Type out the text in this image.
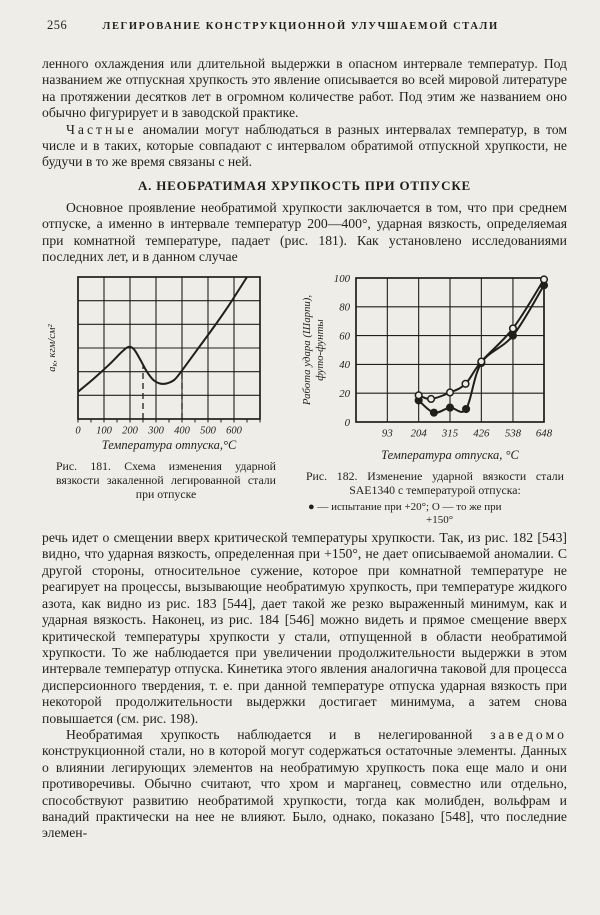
256	ЛЕГИРОВАНИЕ КОНСТРУКЦИОННОЙ УЛУЧШАЕМОЙ СТАЛИ

ленного охлаждения или длительной выдержки в опасном интервале температур. Под названием же отпускная хрупкость это явление описывается во всей мировой литературе на протяжении десятков лет в огромном количестве работ. Под этим же названием оно обычно фигурирует и в заводской практике.

Частные аномалии могут наблюдаться в разных интервалах температур, в том числе и в таких, которые совпадают с интервалом обратимой отпускной хрупкости, не будучи в то же время связаны с ней.

А. НЕОБРАТИМАЯ ХРУПКОСТЬ ПРИ ОТПУСКЕ

Основное проявление необратимой хрупкости заключается в том, что при среднем отпуске, а именно в интервале температур 200—400°, ударная вязкость, определяемая при комнатной температуре, падает (рис. 181). Как установлено исследованиями последних лет, и в данном случае

0 100 200 300 400 500 600
Температура отпуска,°С
ак, кгм/см²
Рис. 181. Схема изменения ударной вязкости закаленной легированной стали при отпуске
93 204 315 426 538 648
0
20
40
60
80
100
Температура отпуска, °С
Работа удара (Шарпи), футо-фунты
Рис. 182. Изменение ударной вязкости стали SAE1340 с температурой отпуска:
● — испытание при +20°; О — то же при
+150°

речь идет о смещении вверх критической температуры хрупкости. Так, из рис. 182 [543] видно, что ударная вязкость, определенная при +150°, не дает описываемой аномалии. С другой стороны, относительное сужение, которое при комнатной температуре не реагирует на процессы, вызывающие необратимую хрупкость, при температуре жидкого азота, как видно из рис. 183 [544], дает такой же резко выраженный минимум, как и ударная вязкость. Наконец, из рис. 184 [546] можно видеть и прямое смещение вверх критической температуры хрупкости у стали, отпущенной в области необратимой хрупкости. То же наблюдается при увеличении продолжительности выдержки в этом интервале температур отпуска. Кинетика этого явления аналогична таковой для процесса дисперсионного твердения, т. е. при данной температуре отпуска ударная вязкость при некоторой продолжительности выдержки достигает минимума, а затем снова повышается (см. рис. 198).

Необратимая хрупкость наблюдается и в нелегированной заведомо конструкционной стали, но в которой могут содержаться остаточные элементы. Данных о влиянии легирующих элементов на необратимую хрупкость пока еще мало и они противоречивы. Обычно считают, что хром и марганец, совместно или отдельно, способствуют развитию необратимой хрупкости, тогда как молибден, вольфрам и ванадий практически на нее не влияют. Было, однако, показано [548], что последние элемен-
